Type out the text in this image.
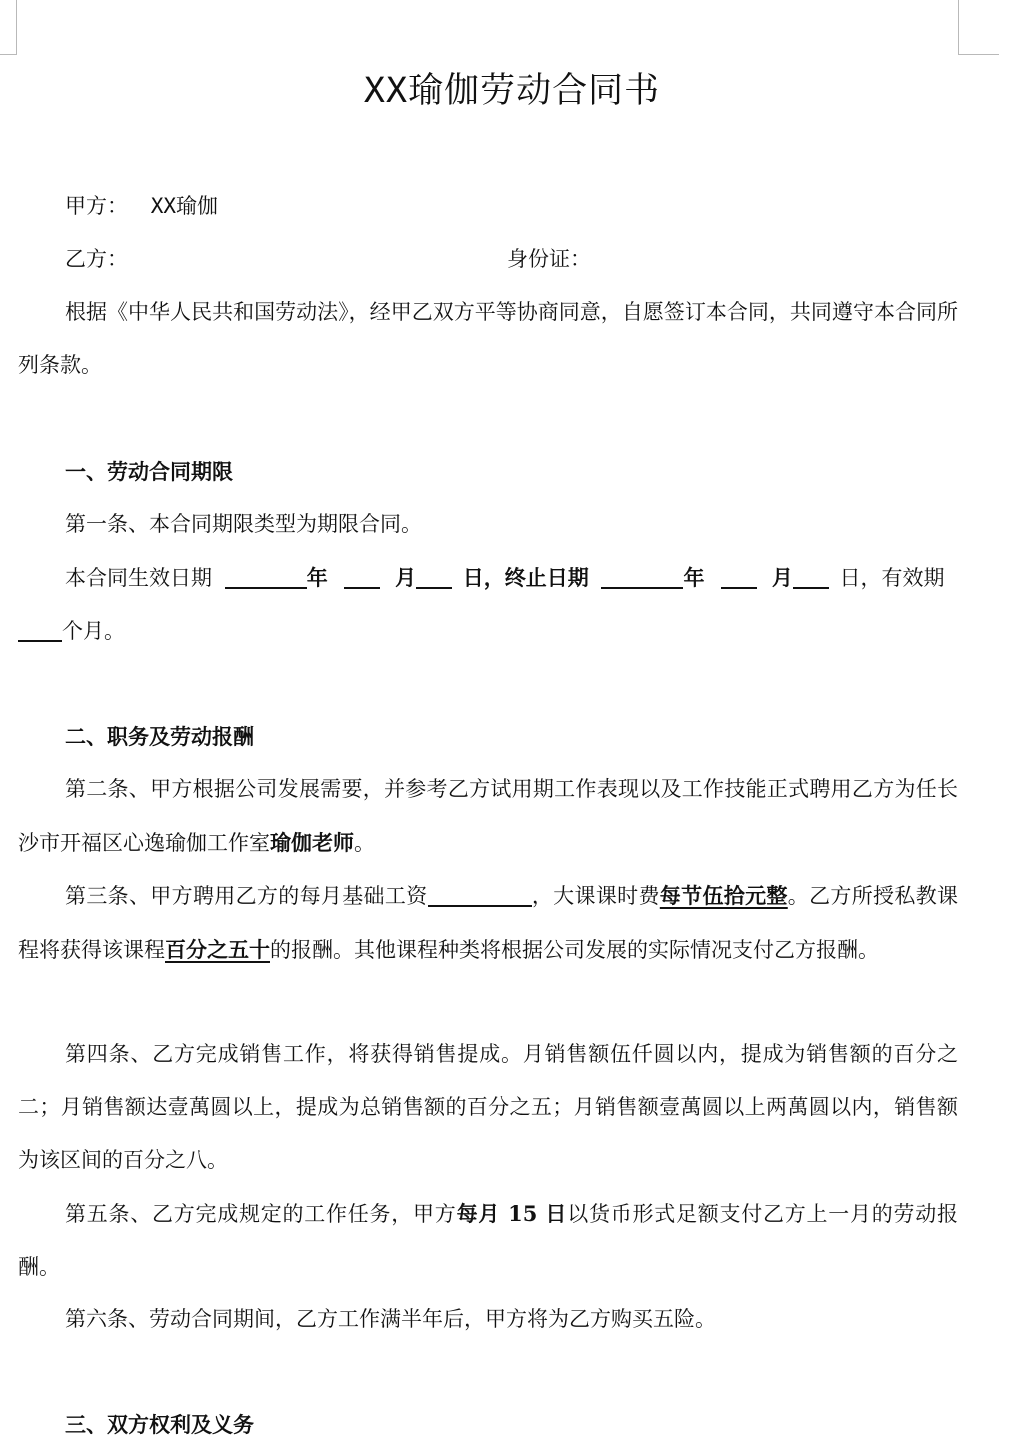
XX瑜伽劳动合同书
甲方： XX瑜伽
乙方：	身份证：
根据《中华人民共和国劳动法》，经甲乙双方平等协商同意，自愿签订本合同，共同遵守本合同所列条款。
一、劳动合同期限
第一条、本合同期限类型为期限合同。
本合同生效日期	年	月 日，终止日期	年	月 日，有效期个月。
二、职务及劳动报酬
第二条、甲方根据公司发展需要，并参考乙方试用期工作表现以及工作技能正式聘用乙方为任长沙市开福区心逸瑜伽工作室瑜伽老师。
第三条、甲方聘用乙方的每月基础工资	，大课课时费每节伍拾元整。乙方所授私教课程将获得该课程百分之五十的报酬。其他课程种类将根据公司发展的实际情况支付乙方报酬。
第四条、乙方完成销售工作，将获得销售提成。月销售额伍仟圆以内，提成为销售额的百分之二；月销售额达壹萬圆以上，提成为总销售额的百分之五；月销售额壹萬圆以上两萬圆以内，销售额为该区间的百分之八。
第五条、乙方完成规定的工作任务，甲方每月 15 日以货币形式足额支付乙方上一月的劳动报酬。
第六条、劳动合同期间，乙方工作满半年后，甲方将为乙方购买五险。
三、双方权利及义务
